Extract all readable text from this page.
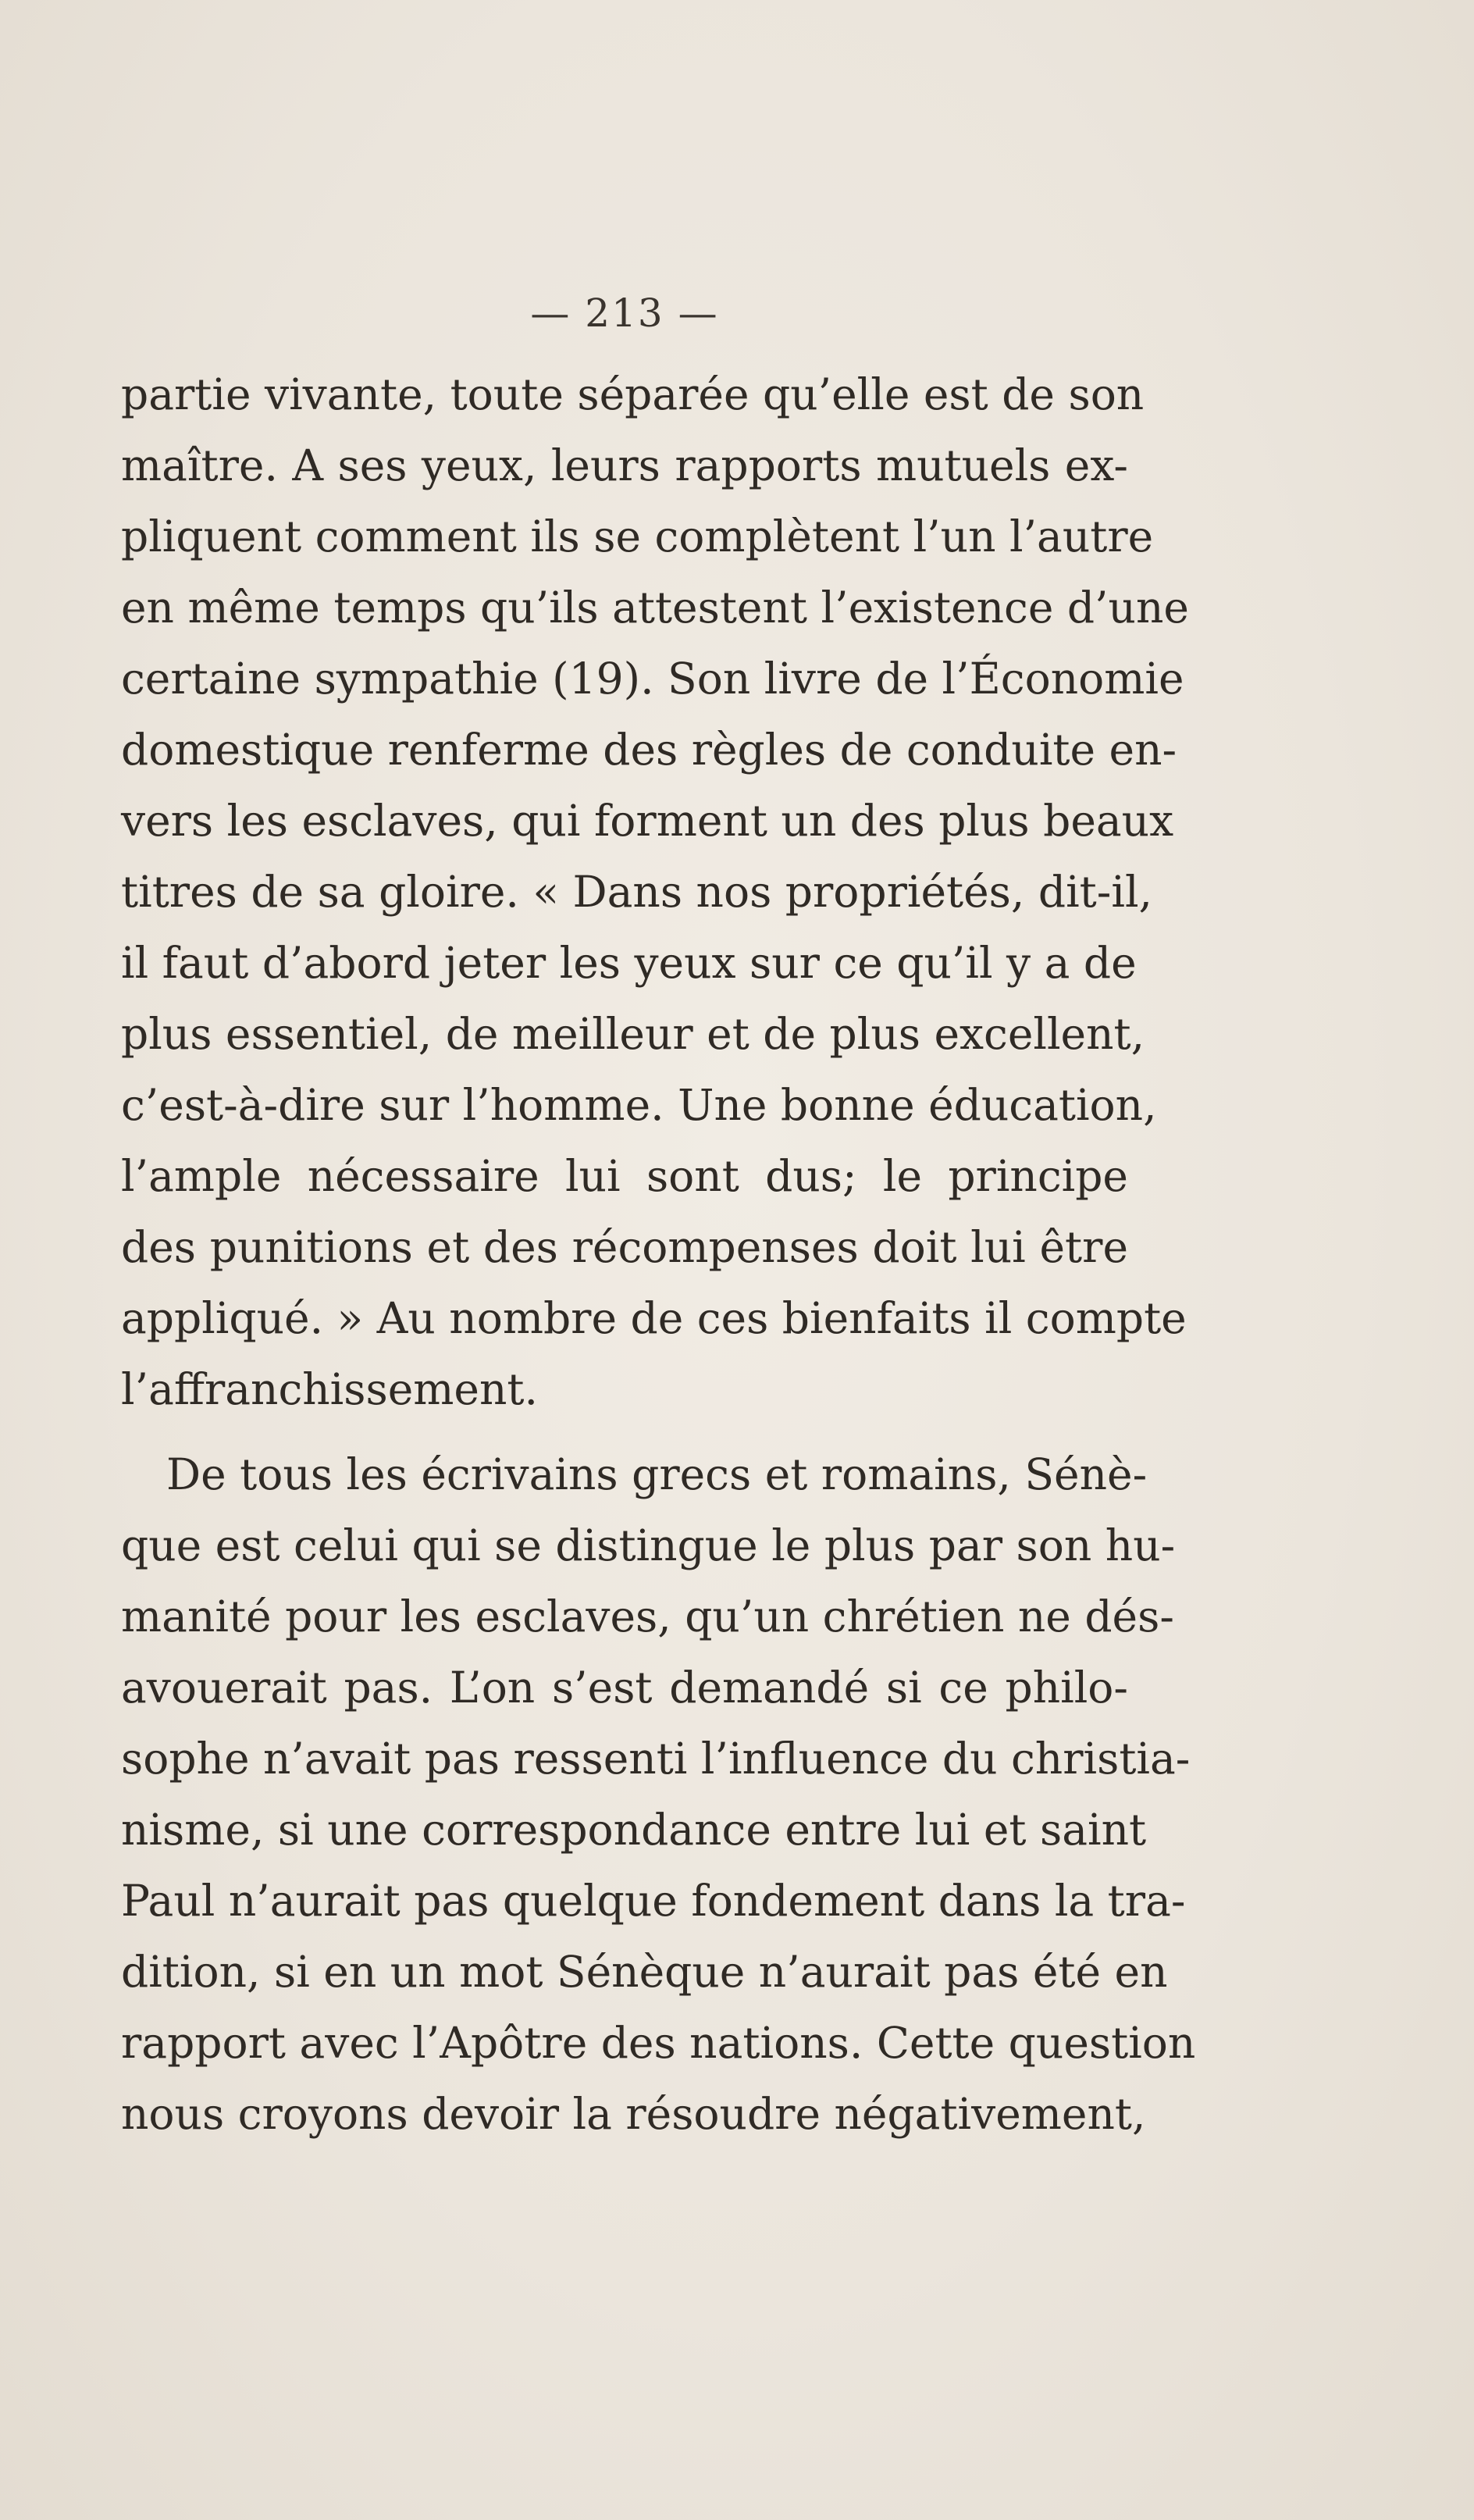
— 213 —
partie vivante, toute séparée qu’elle est de son
maître. A ses yeux, leurs rapports mutuels ex-
pliquent comment ils se complètent l’un l’autre
en même temps qu’ils attestent l’existence d’une
certaine sympathie (19). Son livre de l’Économie
domestique renferme des règles de conduite en-
vers les esclaves, qui forment un des plus beaux
titres de sa gloire. « Dans nos propriétés, dit-il,
il faut d’abord jeter les yeux sur ce qu’il y a de
plus essentiel, de meilleur et de plus excellent,
c’est-à-dire sur l’homme. Une bonne éducation,
l’ample nécessaire lui sont dus; le principe
des punitions et des récompenses doit lui être
appliqué. » Au nombre de ces bienfaits il compte
l’affranchissement.
De tous les écrivains grecs et romains, Sénè-
que est celui qui se distingue le plus par son hu-
manité pour les esclaves, qu’un chrétien ne dés-
avouerait pas. L’on s’est demandé si ce philo-
sophe n’avait pas ressenti l’influence du christia-
nisme, si une correspondance entre lui et saint
Paul n’aurait pas quelque fondement dans la tra-
dition, si en un mot Sénèque n’aurait pas été en
rapport avec l’Apôtre des nations. Cette question
nous croyons devoir la résoudre négativement,
